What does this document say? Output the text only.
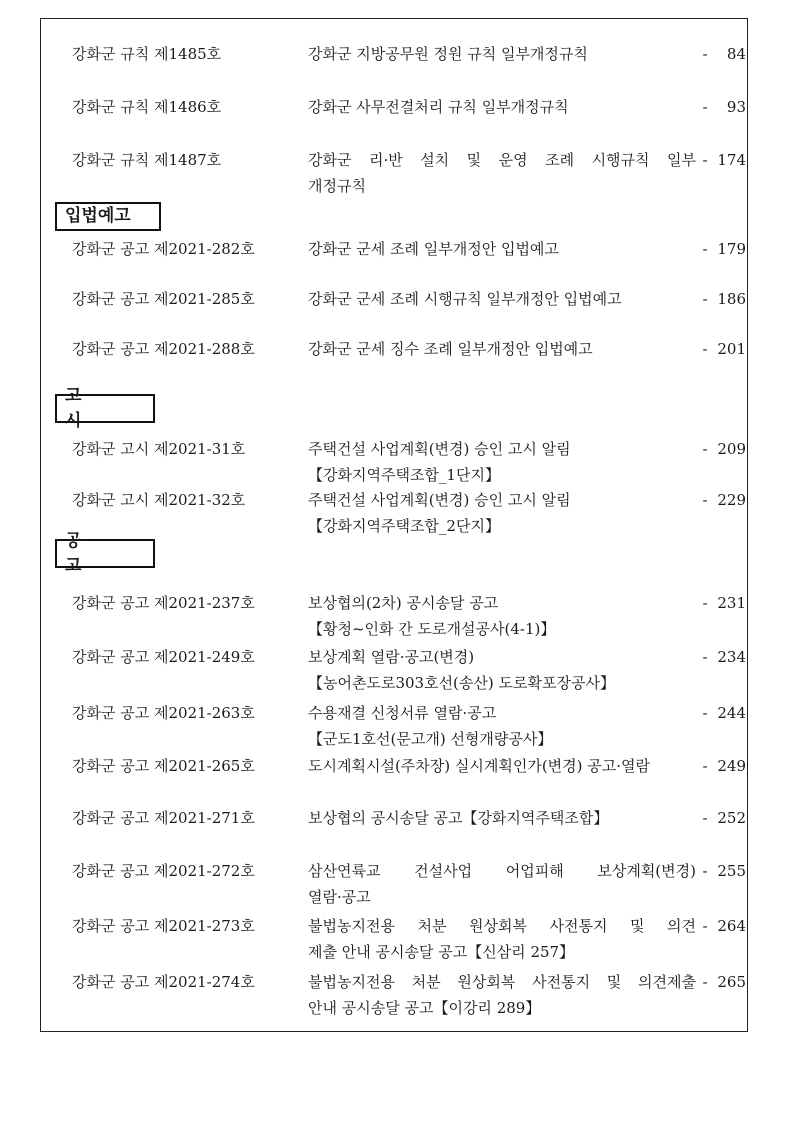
입법예고
고시
공고
강화군 규칙 제1485호	강화군 지방공무원 정원 규칙 일부개정규칙	-	84
강화군 규칙 제1486호	강화군 사무전결처리 규칙 일부개정규칙	-	93
강화군 규칙 제1487호	강화군 리·반 설치 및 운영 조례 시행규칙 일부
개정규칙
- 174
강화군 공고 제2021-282호	강화군 군세 조례 일부개정안 입법예고	- 179
강화군 공고 제2021-285호	강화군 군세 조례 시행규칙 일부개정안 입법예고	- 186
강화군 공고 제2021-288호	강화군 군세 징수 조례 일부개정안 입법예고	- 201
강화군 고시 제2021-31호	주택건설 사업계획(변경) 승인 고시 알림
【강화지역주택조합_1단지】
- 209
강화군 고시 제2021-32호	주택건설 사업계획(변경) 승인 고시 알림
【강화지역주택조합_2단지】
- 229
강화군 공고 제2021-237호	보상협의(2차) 공시송달 공고
【황청~인화 간 도로개설공사(4-1)】
- 231
강화군 공고 제2021-249호	보상계획 열람·공고(변경)
【농어촌도로303호선(송산) 도로확포장공사】
- 234
강화군 공고 제2021-263호	수용재결 신청서류 열람·공고
【군도1호선(문고개) 선형개량공사】
- 244
강화군 공고 제2021-265호	도시계획시설(주차장) 실시계획인가(변경) 공고·열람	- 249
강화군 공고 제2021-271호	보상협의 공시송달 공고【강화지역주택조합】	- 252
강화군 공고 제2021-272호	삼산연륙교 건설사업 어업피해 보상계획(변경)
열람·공고
- 255
강화군 공고 제2021-273호	불법농지전용 처분 원상회복 사전통지 및 의견
제출 안내 공시송달 공고【신삼리 257】
- 264
강화군 공고 제2021-274호	불법농지전용 처분 원상회복 사전통지 및 의견제출
안내 공시송달 공고【이강리 289】
- 265
